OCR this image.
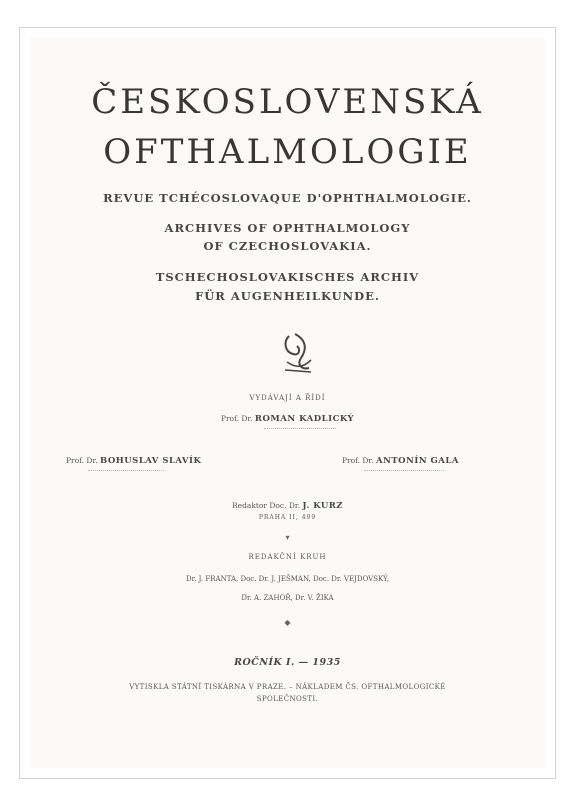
ČESKOSLOVENSKÁ
OFTHALMOLOGIE
REVUE TCHÉCOSLOVAQUE D'OPHTHALMOLOGIE.
ARCHIVES OF OPHTHALMOLOGY
OF CZECHOSLOVAKIA.
TSCHECHOSLOVAKISCHES ARCHIV
FÜR AUGENHEILKUNDE.
VYDÁVAJÍ A ŘÍDÍ
Prof. Dr. ROMAN KADLICKÝ
Prof. Dr. BOHUSLAV SLAVÍK	Prof. Dr. ANTONÍN GALA
Redaktor Doc. Dr. J. KURZ
PRAHA II, 499
▾
REDAKČNÍ KRUH
Dr. J. FRANTA, Doc. Dr. J. JEŠMAN, Doc. Dr. VEJDOVSKÝ,
Dr. A. ZAHOŘ, Dr. V. ŽIKA
◆
ROČNÍK I. — 1935
VYTISKLA STÁTNÍ TISKÁRNA V PRAZE. – NÁKLADEM ČS. OFTHALMOLOGICKÉ
SPOLEČNOSTI.
